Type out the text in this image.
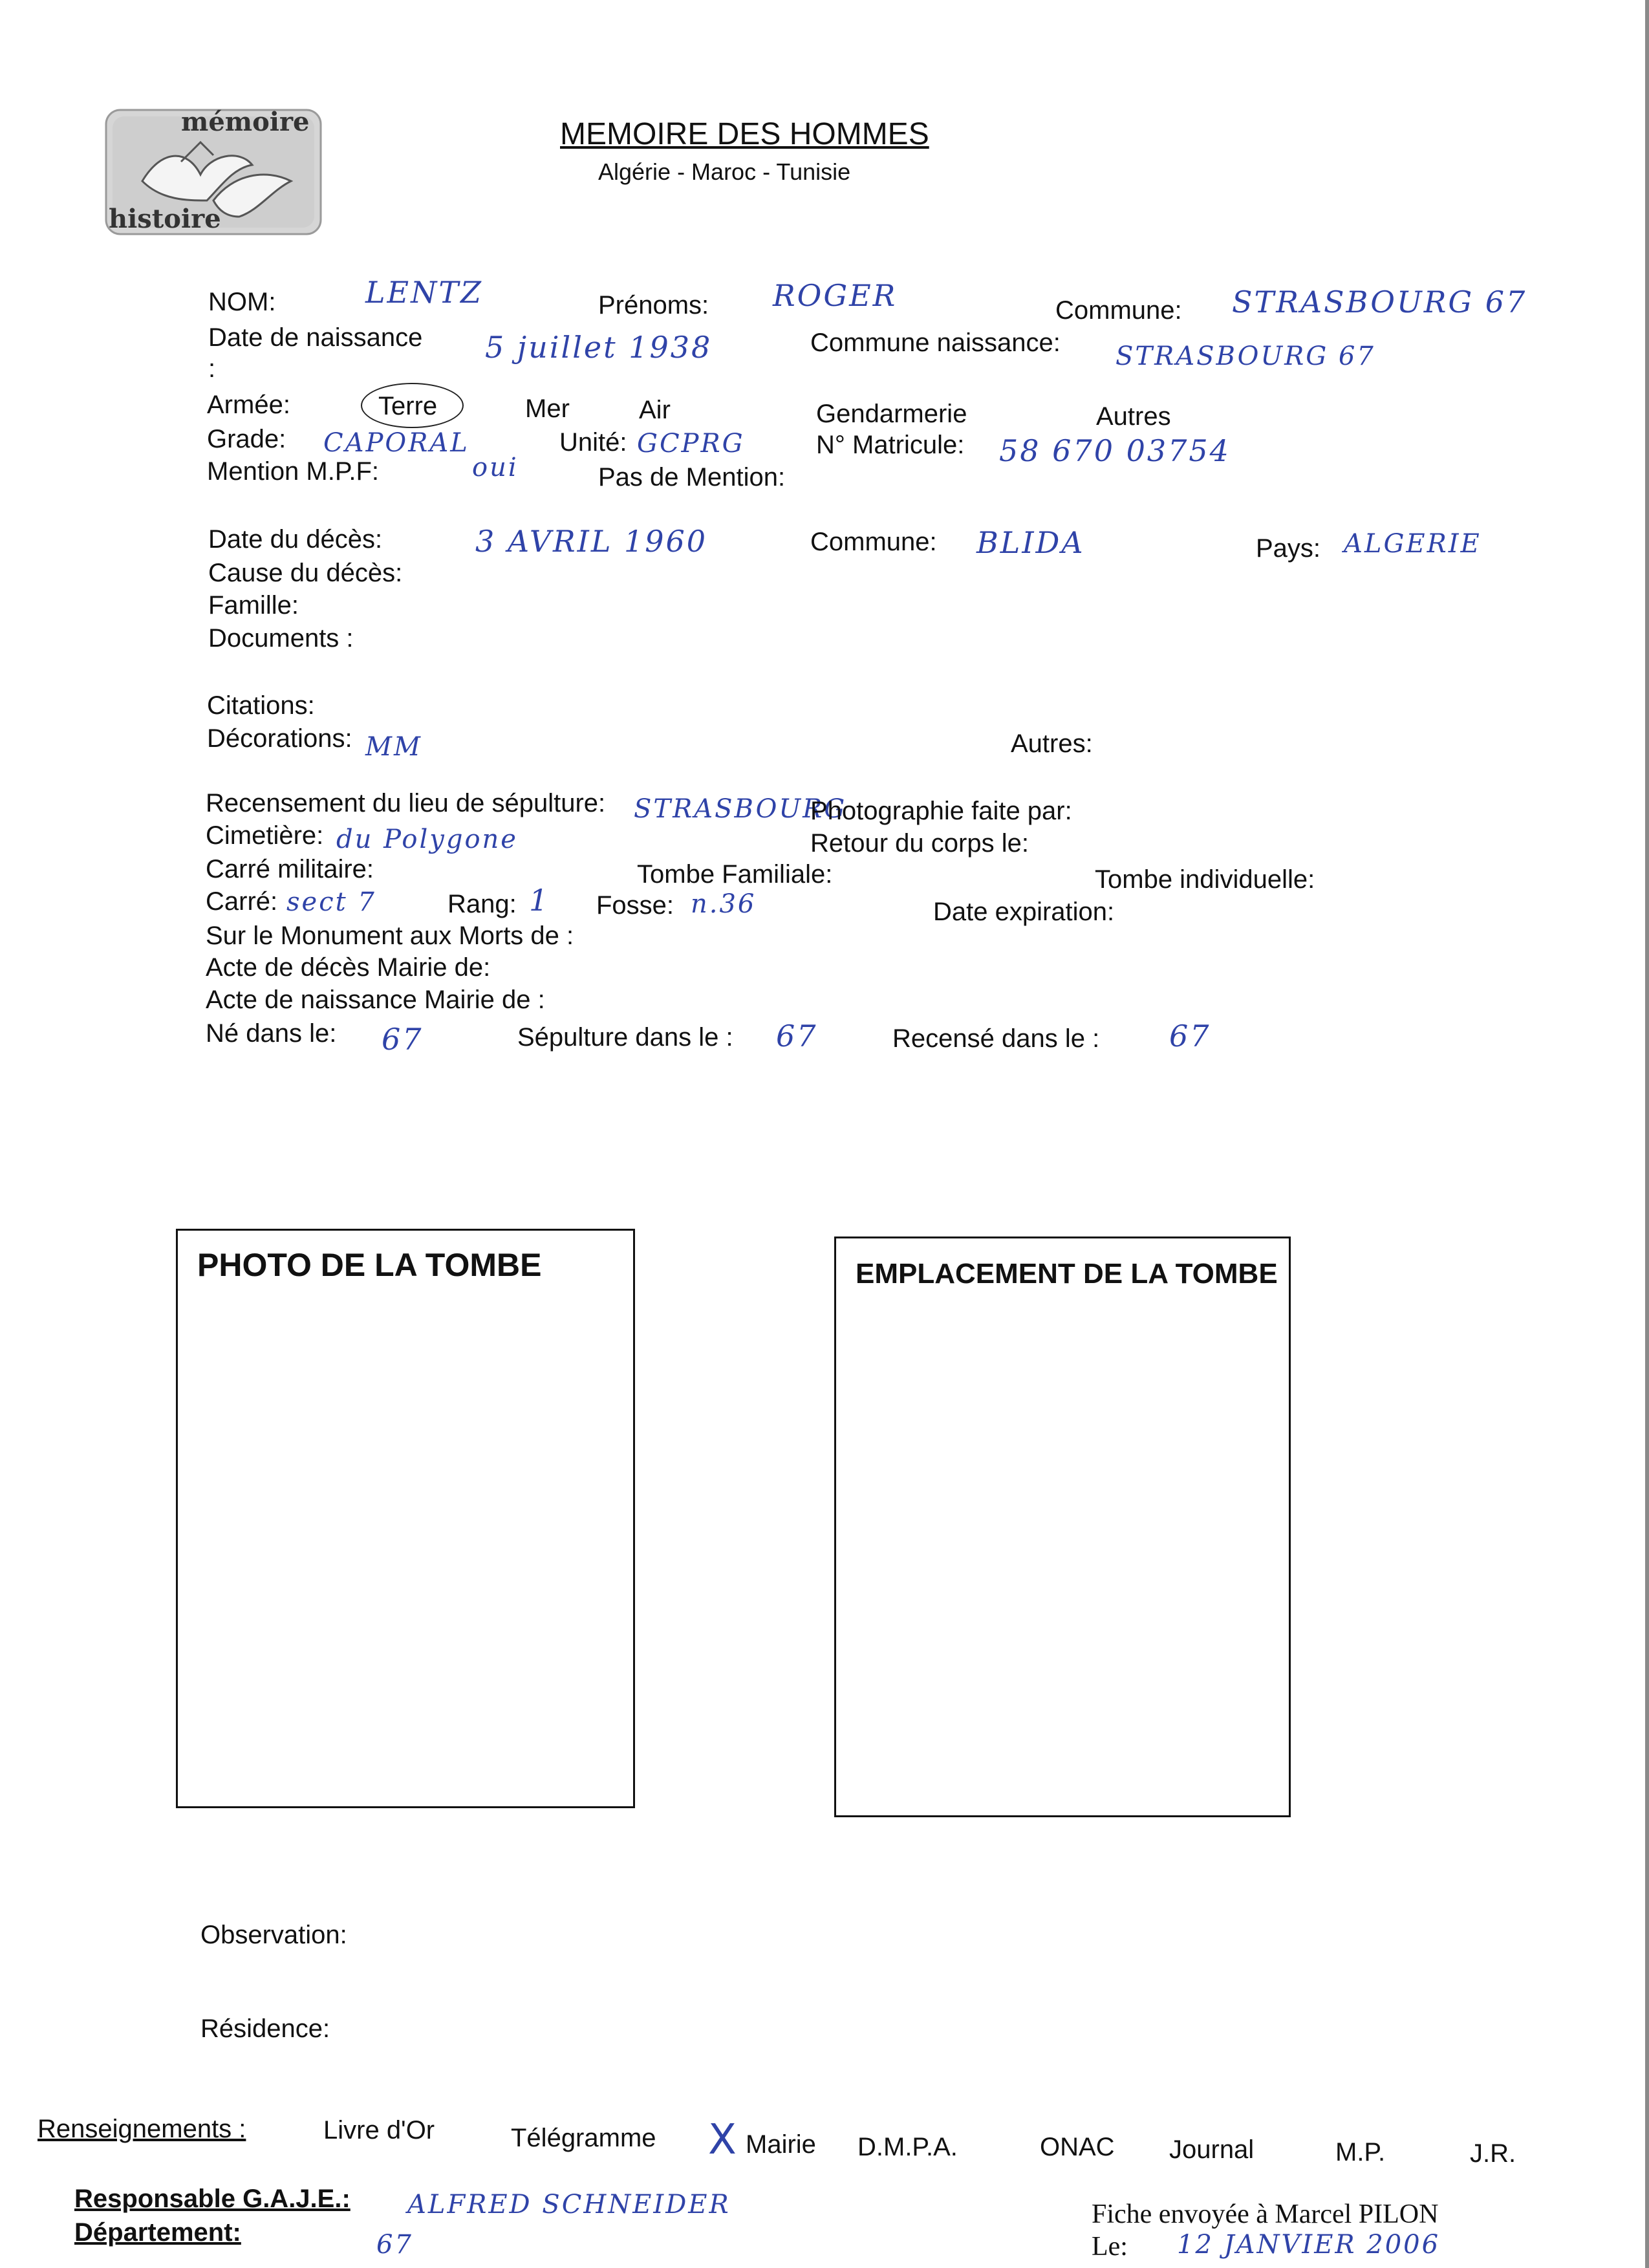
mémoire
histoire
MEMOIRE DES HOMMES
Algérie - Maroc - Tunisie
NOM:	LENTZ	Prénoms: ROGER	Commune: STRASBOURG 67
Date de naissance
:
5 juillet 1938	Commune naissance: STRASBOURG 67
Armée:	Terre	Mer	Air	Gendarmerie	Autres
Grade: CAPORAL	Unité: GCPRG	N° Matricule: 58 670 03754
Mention M.P.F:	oui	Pas de Mention:
Date du décès:	3 AVRIL 1960	Commune: BLIDA	Pays: ALGERIE
Cause du décès:
Famille:
Documents :
Citations:
Décorations: MM	Autres:
Recensement du lieu de sépulture: STRASBOURG
Photographie faite par:
Cimetière: du Polygone	Retour du corps le:
Carré militaire:	Tombe Familiale:	Tombe individuelle:
Carré: sect 7	Rang: 1 Fosse: n.36	Date expiration:
Sur le Monument aux Morts de :
Acte de décès Mairie de:
Acte de naissance Mairie de :
Né dans le: 67	Sépulture dans le : 67	Recensé dans le : 67
PHOTO DE LA TOMBE	EMPLACEMENT DE LA TOMBE
Observation:
Résidence:
Renseignements :	Livre d'Or	Télégramme X Mairie D.M.P.A.	ONAC Journal	M.P.	J.R.
Responsable G.A.J.E.: ALFRED SCHNEIDER
Département:	67
Fiche envoyée à Marcel PILON
Le: 12 JANVIER 2006
